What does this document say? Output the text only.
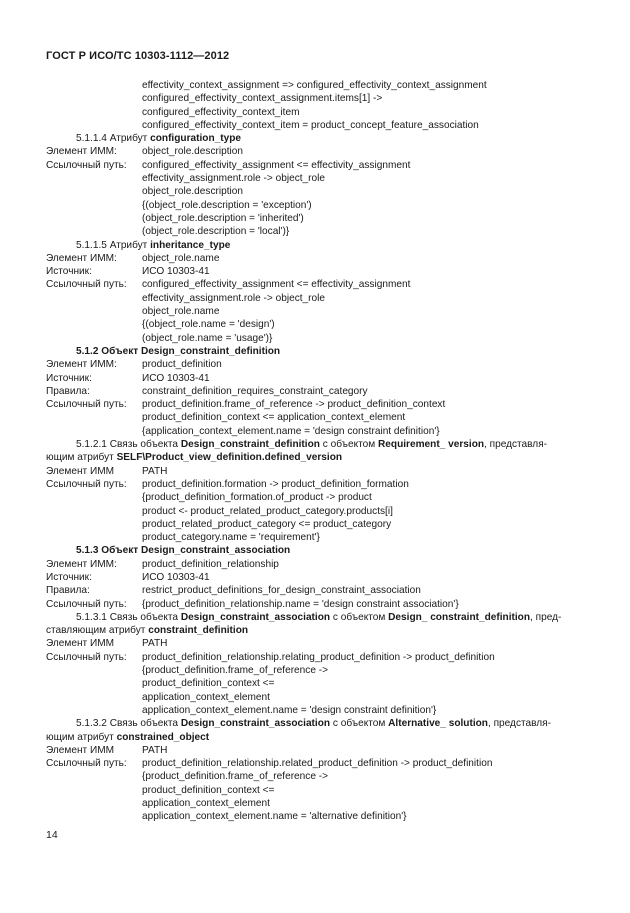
ГОСТ Р ИСО/ТС 10303-1112—2012
effectivity_context_assignment => configured_effectivity_context_assignment
configured_effectivity_context_assignment.items[1] ->
configured_effectivity_context_item
configured_effectivity_context_item = product_concept_feature_association
5.1.1.4 Атрибут configuration_type
Элемент ИММ: object_role.description
Ссылочный путь: configured_effectivity_assignment <= effectivity_assignment
effectivity_assignment.role -> object_role
object_role.description
{(object_role.description = 'exception')
(object_role.description = 'inherited')
(object_role.description = 'local')}
5.1.1.5 Атрибут inheritance_type
Элемент ИММ: object_role.name
Источник:	ИСО 10303-41
Ссылочный путь: configured_effectivity_assignment <= effectivity_assignment
effectivity_assignment.role -> object_role
object_role.name
{(object_role.name = 'design')
(object_role.name = 'usage')}
5.1.2 Объект Design_constraint_definition
Элемент ИММ: product_definition
Источник:	ИСО 10303-41
Правила:	constraint_definition_requires_constraint_category
Ссылочный путь: product_definition.frame_of_reference -> product_definition_context
product_definition_context <= application_context_element
{application_context_element.name = 'design constraint definition'}
5.1.2.1 Связь объекта Design_constraint_definition с объектом Requirement_ version, представля-
ющим атрибут SELF\Product_view_definition.defined_version
Элемент ИММ	PATH
Ссылочный путь: product_definition.formation -> product_definition_formation
{product_definition_formation.of_product -> product
product <- product_related_product_category.products[i]
product_related_product_category <= product_category
product_category.name = 'requirement'}
5.1.3 Объект Design_constraint_association
Элемент ИММ: product_definition_relationship
Источник:	ИСО 10303-41
Правила:	restrict_product_definitions_for_design_constraint_association
Ссылочный путь: {product_definition_relationship.name = 'design constraint association'}
5.1.3.1 Связь объекта Design_constraint_association с объектом Design_ constraint_definition, пред-
ставляющим атрибут constraint_definition
Элемент ИММ	PATH
Ссылочный путь: product_definition_relationship.relating_product_definition -> product_definition
{product_definition.frame_of_reference ->
product_definition_context <=
application_context_element
application_context_element.name = 'design constraint definition'}
5.1.3.2 Связь объекта Design_constraint_association с объектом Alternative_ solution, представля-
ющим атрибут constrained_object
Элемент ИММ	PATH
Ссылочный путь: product_definition_relationship.related_product_definition -> product_definition
{product_definition.frame_of_reference ->
product_definition_context <=
application_context_element
application_context_element.name = 'alternative definition'}
14
